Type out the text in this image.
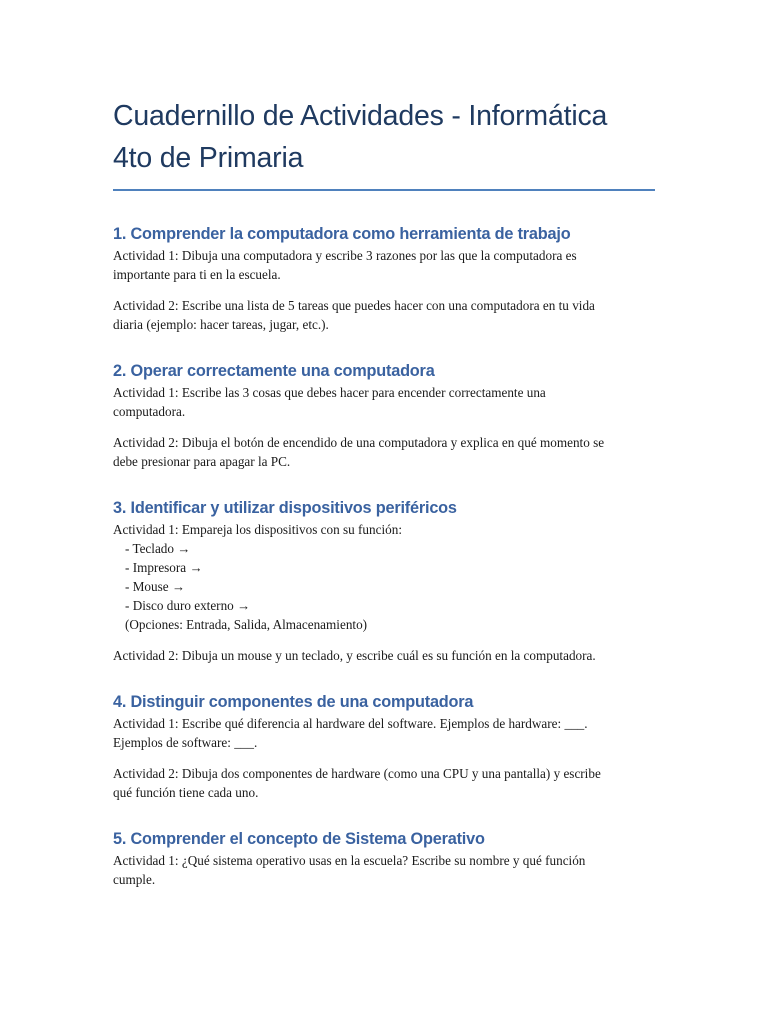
Cuadernillo de Actividades - Informática
4to de Primaria
1. Comprender la computadora como herramienta de trabajo

Actividad 1: Dibuja una computadora y escribe 3 razones por las que la computadora es
importante para ti en la escuela.

Actividad 2: Escribe una lista de 5 tareas que puedes hacer con una computadora en tu vida
diaria (ejemplo: hacer tareas, jugar, etc.).

2. Operar correctamente una computadora

Actividad 1: Escribe las 3 cosas que debes hacer para encender correctamente una
computadora.

Actividad 2: Dibuja el botón de encendido de una computadora y explica en qué momento se
debe presionar para apagar la PC.

3. Identificar y utilizar dispositivos periféricos

Actividad 1: Empareja los dispositivos con su función:
- Teclado →
- Impresora →
- Mouse →
- Disco duro externo →
(Opciones: Entrada, Salida, Almacenamiento)

Actividad 2: Dibuja un mouse y un teclado, y escribe cuál es su función en la computadora.

4. Distinguir componentes de una computadora

Actividad 1: Escribe qué diferencia al hardware del software. Ejemplos de hardware: ___.
Ejemplos de software: ___.

Actividad 2: Dibuja dos componentes de hardware (como una CPU y una pantalla) y escribe
qué función tiene cada uno.

5. Comprender el concepto de Sistema Operativo

Actividad 1: ¿Qué sistema operativo usas en la escuela? Escribe su nombre y qué función
cumple.
